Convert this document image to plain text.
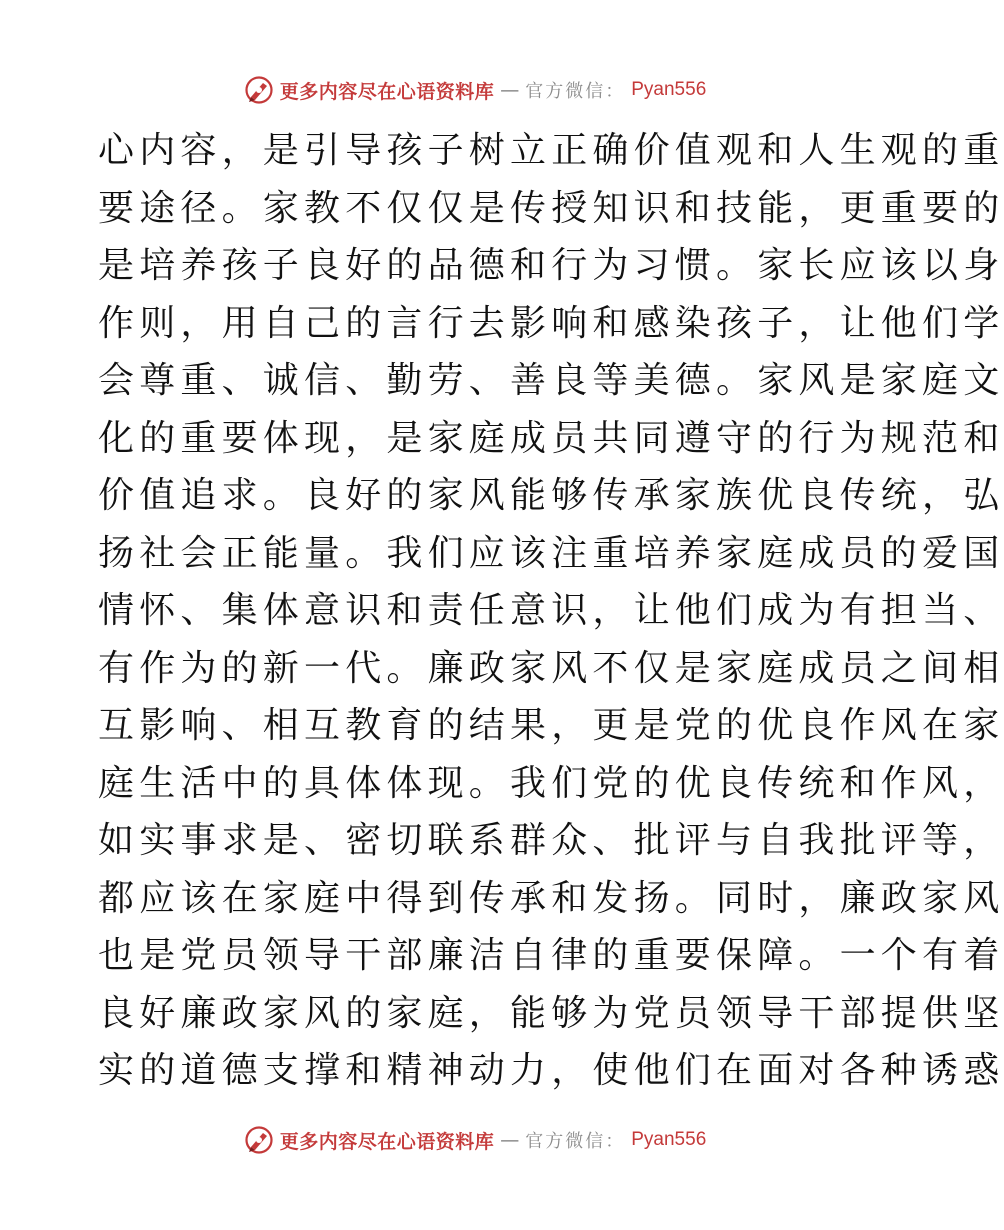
更多内容尽在心语资料库 — 官方微信： Pyan556
心内容，是引导孩子树立正确价值观和人生观的重
要途径。家教不仅仅是传授知识和技能，更重要的
是培养孩子良好的品德和行为习惯。家长应该以身
作则，用自己的言行去影响和感染孩子，让他们学
会尊重、诚信、勤劳、善良等美德。家风是家庭文
化的重要体现，是家庭成员共同遵守的行为规范和
价值追求。良好的家风能够传承家族优良传统，弘
扬社会正能量。我们应该注重培养家庭成员的爱国
情怀、集体意识和责任意识，让他们成为有担当、
有作为的新一代。廉政家风不仅是家庭成员之间相
互影响、相互教育的结果，更是党的优良作风在家
庭生活中的具体体现。我们党的优良传统和作风，
如实事求是、密切联系群众、批评与自我批评等，
都应该在家庭中得到传承和发扬。同时，廉政家风
也是党员领导干部廉洁自律的重要保障。一个有着
良好廉政家风的家庭，能够为党员领导干部提供坚
实的道德支撑和精神动力，使他们在面对各种诱惑
更多内容尽在心语资料库 — 官方微信： Pyan556
